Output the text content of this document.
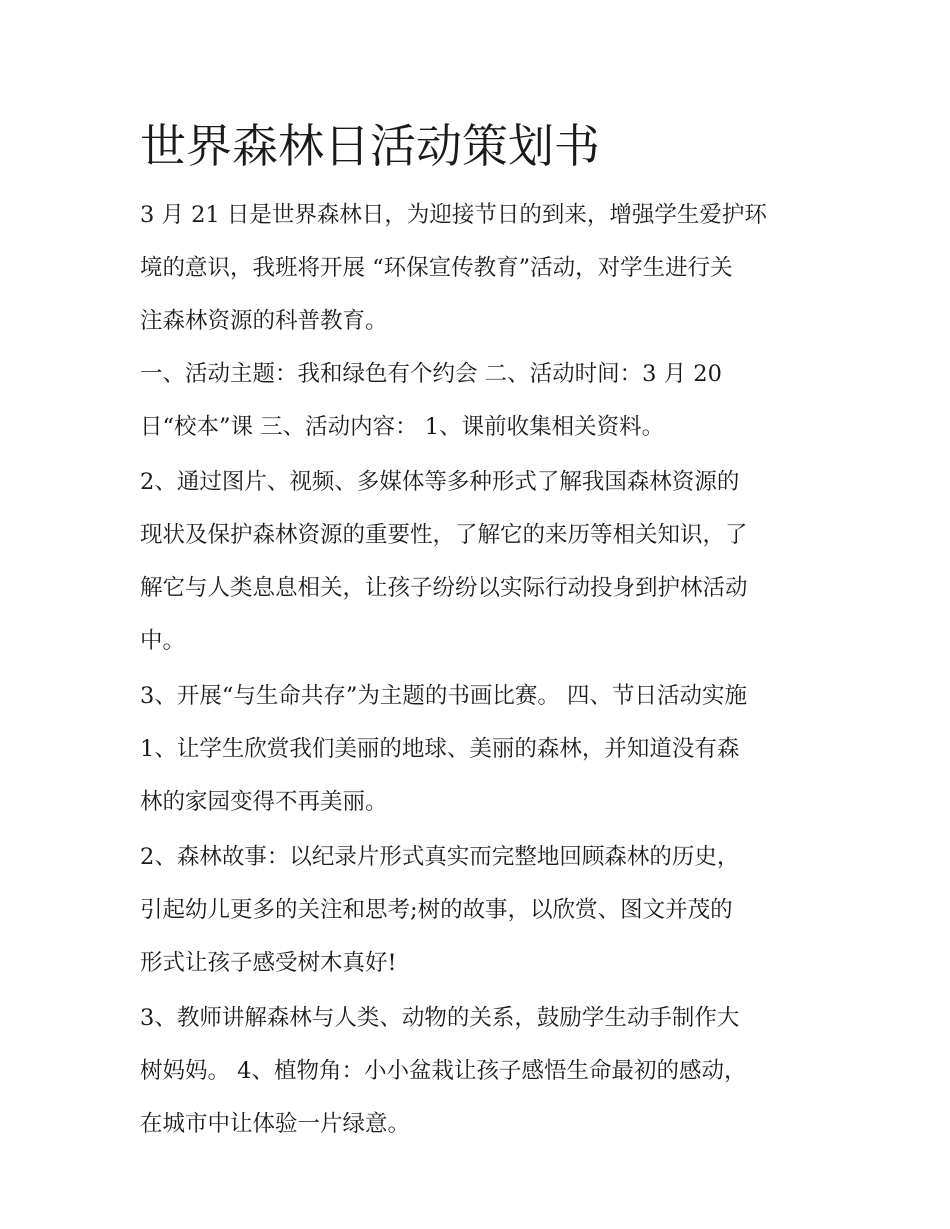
世界森林日活动策划书
3 月 21 日是世界森林日，为迎接节日的到来，增强学生爱护环
境的意识，我班将开展 “环保宣传教育”活动，对学生进行关
注森林资源的科普教育。
一、活动主题：我和绿色有个约会 二、活动时间：3 月 20
日“校本”课 三、活动内容： 1、课前收集相关资料。
2、通过图片、视频、多媒体等多种形式了解我国森林资源的
现状及保护森林资源的重要性，了解它的来历等相关知识，了
解它与人类息息相关，让孩子纷纷以实际行动投身到护林活动
中。
3、开展“与生命共存”为主题的书画比赛。 四、节日活动实施
1、让学生欣赏我们美丽的地球、美丽的森林，并知道没有森
林的家园变得不再美丽。
2、森林故事：以纪录片形式真实而完整地回顾森林的历史，
引起幼儿更多的关注和思考;树的故事，以欣赏、图文并茂的
形式让孩子感受树木真好!
3、教师讲解森林与人类、动物的关系，鼓励学生动手制作大
树妈妈。 4、植物角：小小盆栽让孩子感悟生命最初的感动，
在城市中让体验一片绿意。
